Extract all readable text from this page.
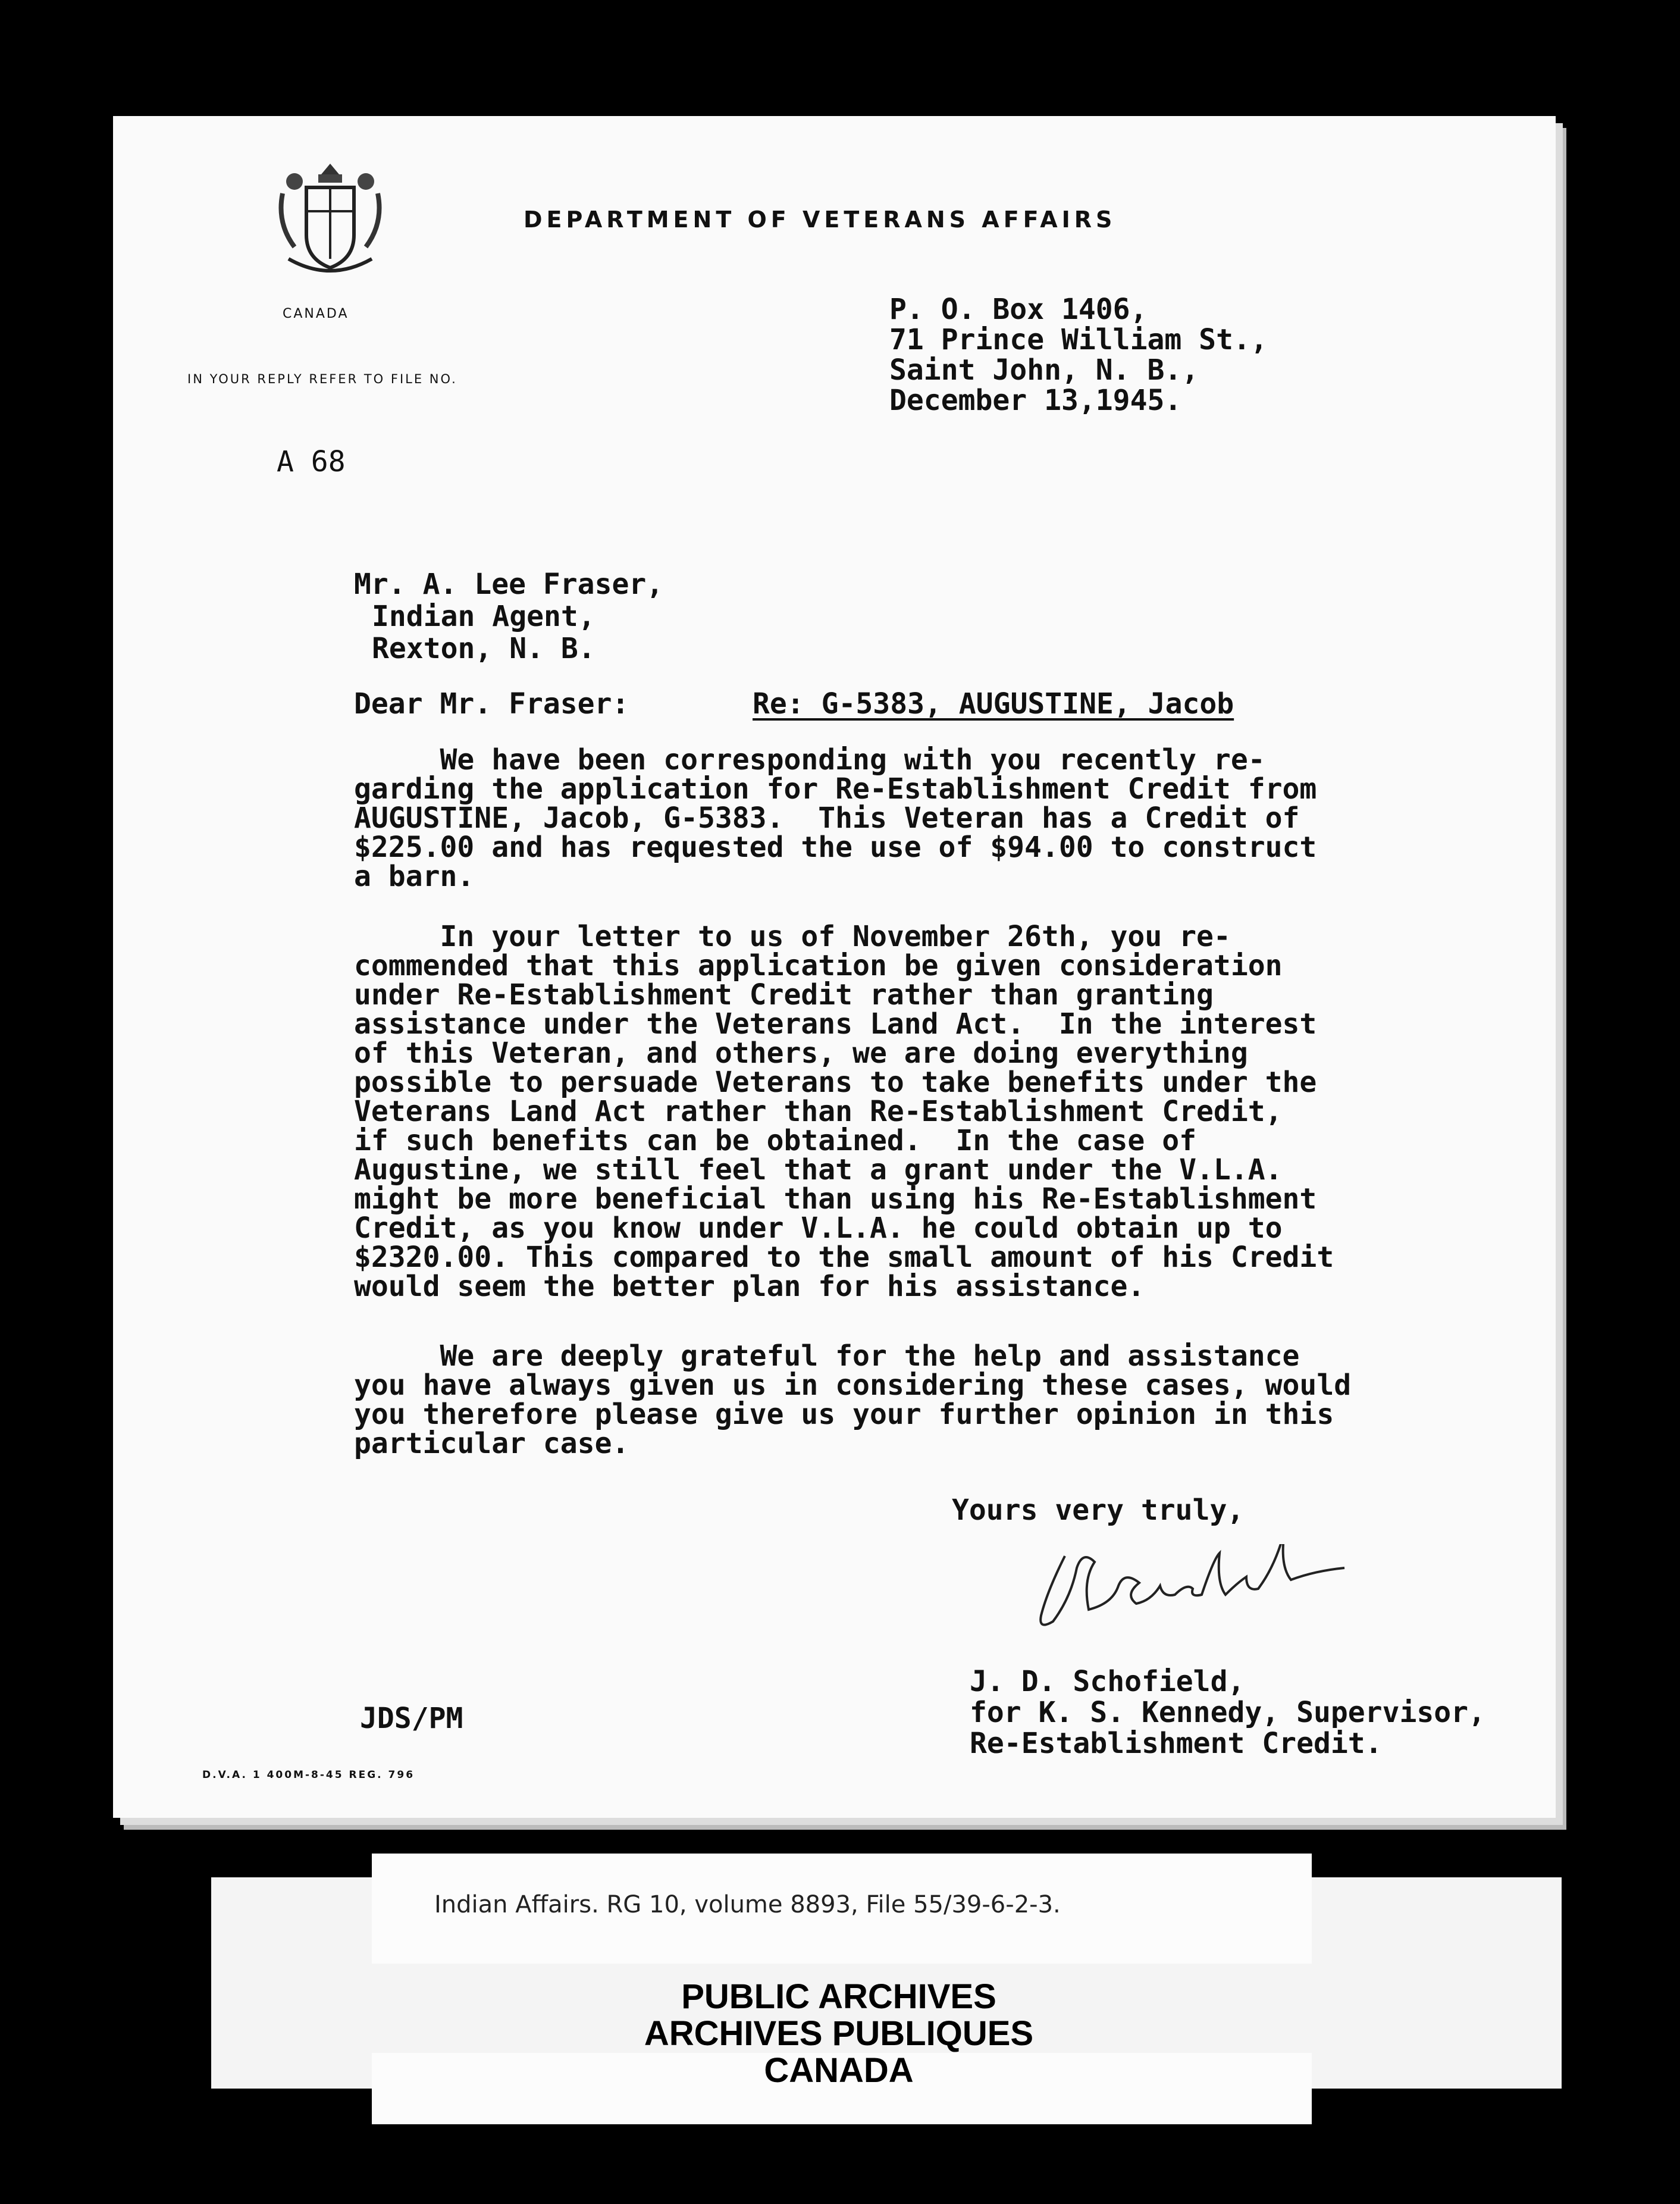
CANADA
DEPARTMENT OF VETERANS AFFAIRS
IN YOUR REPLY REFER TO FILE NO.
A 68
P. O. Box 1406,
71 Prince William St.,
Saint John, N. B.,
December 13,1945.
Mr. A. Lee Fraser,
Indian Agent,
Rexton, N. B.
Dear Mr. Fraser:	Re: G-5383, AUGUSTINE, Jacob
We have been corresponding with you recently re-
garding the application for Re-Establishment Credit from
AUGUSTINE, Jacob, G-5383.  This Veteran has a Credit of
$225.00 and has requested the use of $94.00 to construct
a barn.
In your letter to us of November 26th, you re-
commended that this application be given consideration
under Re-Establishment Credit rather than granting
assistance under the Veterans Land Act.  In the interest
of this Veteran, and others, we are doing everything
possible to persuade Veterans to take benefits under the
Veterans Land Act rather than Re-Establishment Credit,
if such benefits can be obtained.  In the case of
Augustine, we still feel that a grant under the V.L.A.
might be more beneficial than using his Re-Establishment
Credit, as you know under V.L.A. he could obtain up to
$2320.00. This compared to the small amount of his Credit
would seem the better plan for his assistance.
We are deeply grateful for the help and assistance
you have always given us in considering these cases, would
you therefore please give us your further opinion in this
particular case.
Yours very truly,
J. D. Schofield,
for K. S. Kennedy, Supervisor,
Re-Establishment Credit.
JDS/PM
D.V.A. 1 400M-8-45 REG. 796
Indian Affairs. RG 10, volume 8893, File 55/39-6-2-3.
PUBLIC ARCHIVES
ARCHIVES PUBLIQUES
CANADA
